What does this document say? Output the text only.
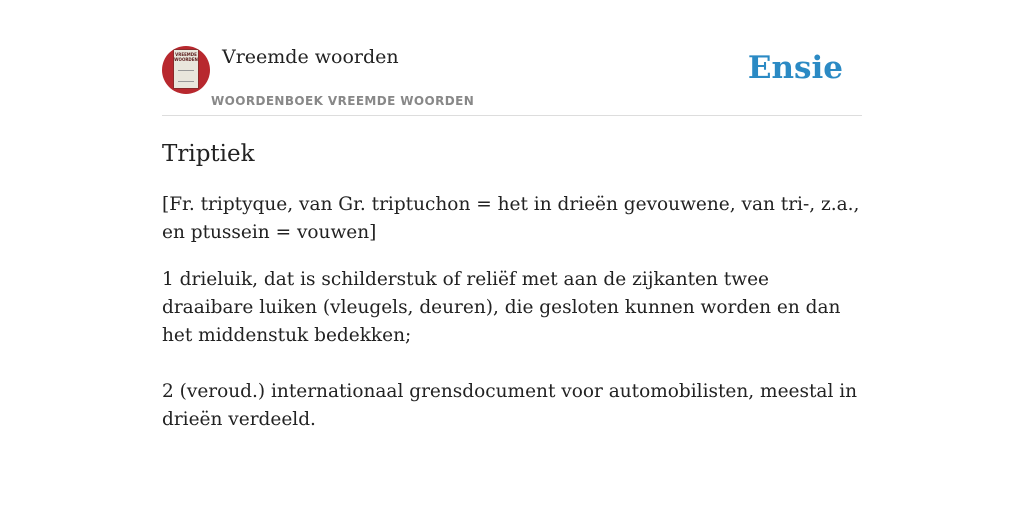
VREEMDE WOORDEN Vreemde woorden
WOORDENBOEK VREEMDE WOORDEN
Ensie
Triptiek

[Fr. triptyque, van Gr. triptuchon = het in drieën gevouwene, van tri-, z.a., en ptussein = vouwen]

1 drieluik, dat is schilderstuk of reliëf met aan de zijkanten twee draaibare luiken (vleugels, deuren), die gesloten kunnen worden en dan het middenstuk bedekken;

2 (veroud.) internationaal grensdocument voor automobilisten, meestal in drieën verdeeld.
